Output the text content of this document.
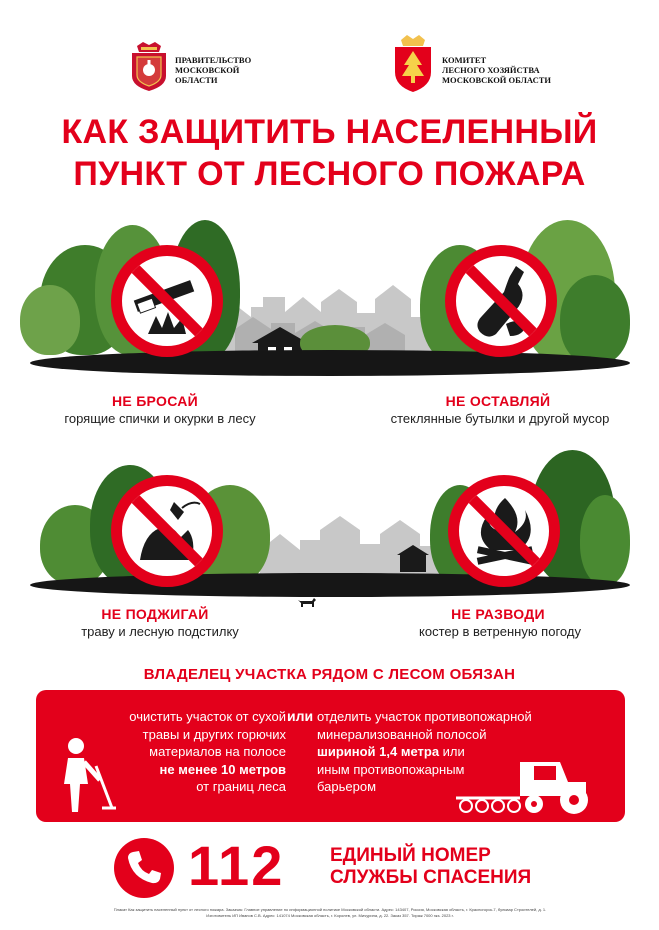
ПРАВИТЕЛЬСТВО
МОСКОВСКОЙ
ОБЛАСТИ
КОМИТЕТ
ЛЕСНОГО ХОЗЯЙСТВА
МОСКОВСКОЙ ОБЛАСТИ
КАК ЗАЩИТИТЬ НАСЕЛЕННЫЙ
ПУНКТ ОТ ЛЕСНОГО ПОЖАРА
НЕ БРОСАЙ
горящие спички и окурки в лесу
НЕ ОСТАВЛЯЙ
стеклянные бутылки и другой мусор
НЕ ПОДЖИГАЙ
траву и лесную подстилку
НЕ РАЗВОДИ
костер в ветренную погоду
ВЛАДЕЛЕЦ УЧАСТКА РЯДОМ С ЛЕСОМ ОБЯЗАН
очистить участок от сухой
травы и других горючих
материалов на полосе
не менее 10 метров
от границ леса
или отделить участок противопожарной
минерализованной полосой
шириной 1,4 метра или
иным противопожарным
барьером
112 ЕДИНЫЙ НОМЕР
СЛУЖБЫ СПАСЕНИЯ
Плакат Как защитить населенный пункт от лесного пожара. Заказчик: Главное управление по информационной политике Московской области. Адрес: 143407, Россия, Московская область, г. Красногорск-7, бульвар Строителей, д. 1.
Изготовитель ИП Иванов С.В. Адрес: 141074 Московская область, г. Королев, ул. Мичурина, д. 22. Заказ 357. Тираж 7000 экз. 2023 г.
